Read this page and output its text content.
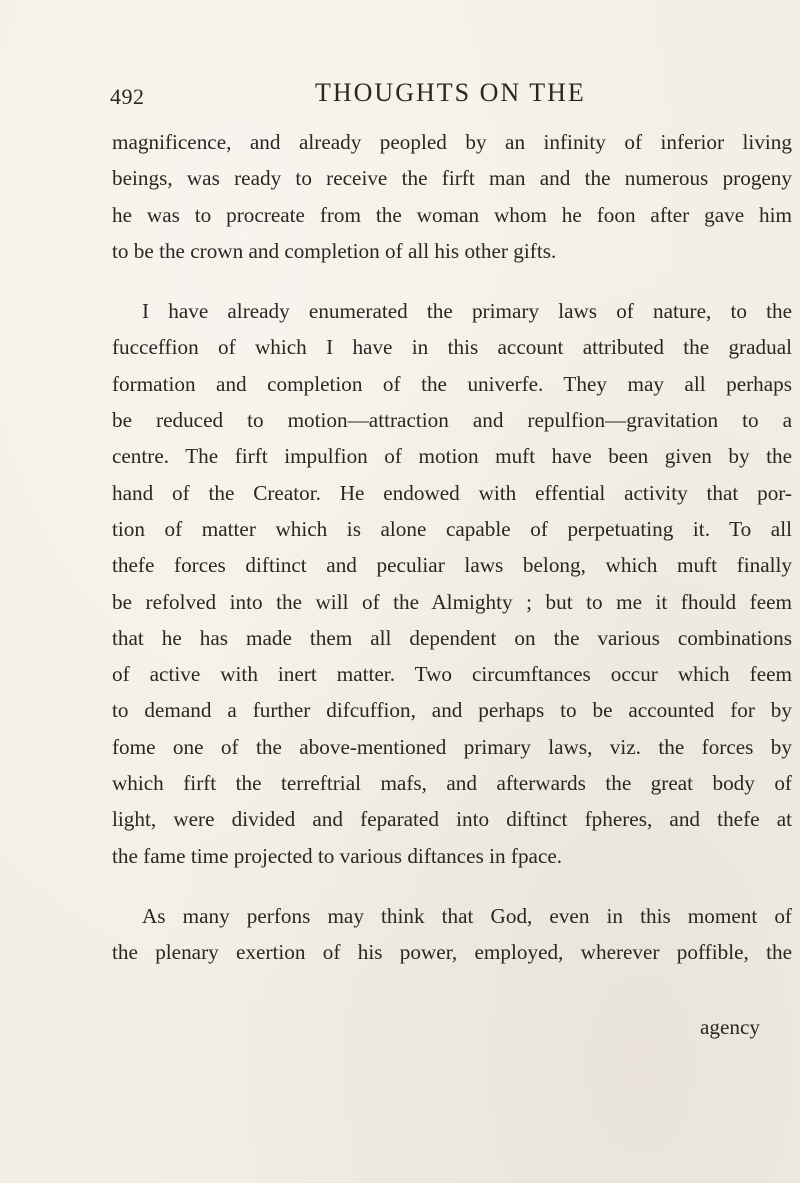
492	THOUGHTS ON THE
magnificence, and already peopled by an infinity of inferior living
beings, was ready to receive the firft man and the numerous progeny
he was to procreate from the woman whom he foon after gave him
to be the crown and completion of all his other gifts.
I have already enumerated the primary laws of nature, to the
fucceffion of which I have in this account attributed the gradual
formation and completion of the univerfe. They may all perhaps
be reduced to motion—attraction and repulfion—gravitation to a
centre. The firft impulfion of motion muft have been given by the
hand of the Creator. He endowed with effential activity that por-
tion of matter which is alone capable of perpetuating it. To all
thefe forces diftinct and peculiar laws belong, which muft finally
be refolved into the will of the Almighty ; but to me it fhould feem
that he has made them all dependent on the various combinations
of active with inert matter. Two circumftances occur which feem
to demand a further difcuffion, and perhaps to be accounted for by
fome one of the above-mentioned primary laws, viz. the forces by
which firft the terreftrial mafs, and afterwards the great body of
light, were divided and feparated into diftinct fpheres, and thefe at
the fame time projected to various diftances in fpace.
As many perfons may think that God, even in this moment of
the plenary exertion of his power, employed, wherever poffible, the
agency
